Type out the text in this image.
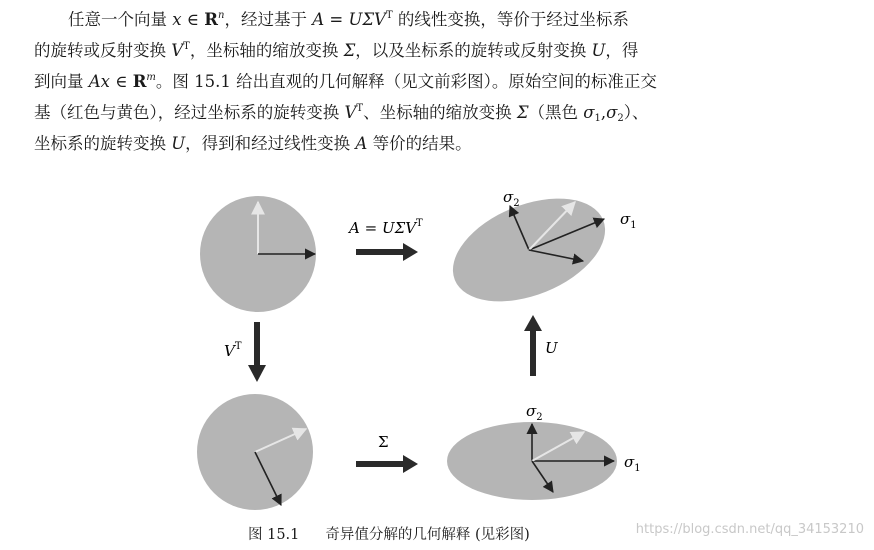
任意一个向量 x ∈ $R^n$，经过基于 $A = U\Sigma V^T$ 的线性变换，等价于经过坐标系
的旋转或反射变换 $V^T$，坐标轴的缩放变换 Σ，以及坐标系的旋转或反射变换 U，得
到向量 Ax ∈ $R^m$。图 15.1 给出直观的几何解释（见文前彩图）。原始空间的标准正交
基（红色与黄色），经过坐标系的旋转变换 $V^T$、坐标轴的缩放变换 Σ（黑色 $\sigma_1,\sigma_2$）、
坐标系的旋转变换 U，得到和经过线性变换 A 等价的结果。
$A = U\Sigma V^T$
$V^T$	U
Σ
$\sigma_2$
$\sigma_1$
$\sigma_2$
$\sigma_1$
图 15.1 奇异值分解的几何解释 (见彩图)	https://blog.csdn.net/qq_34153210
